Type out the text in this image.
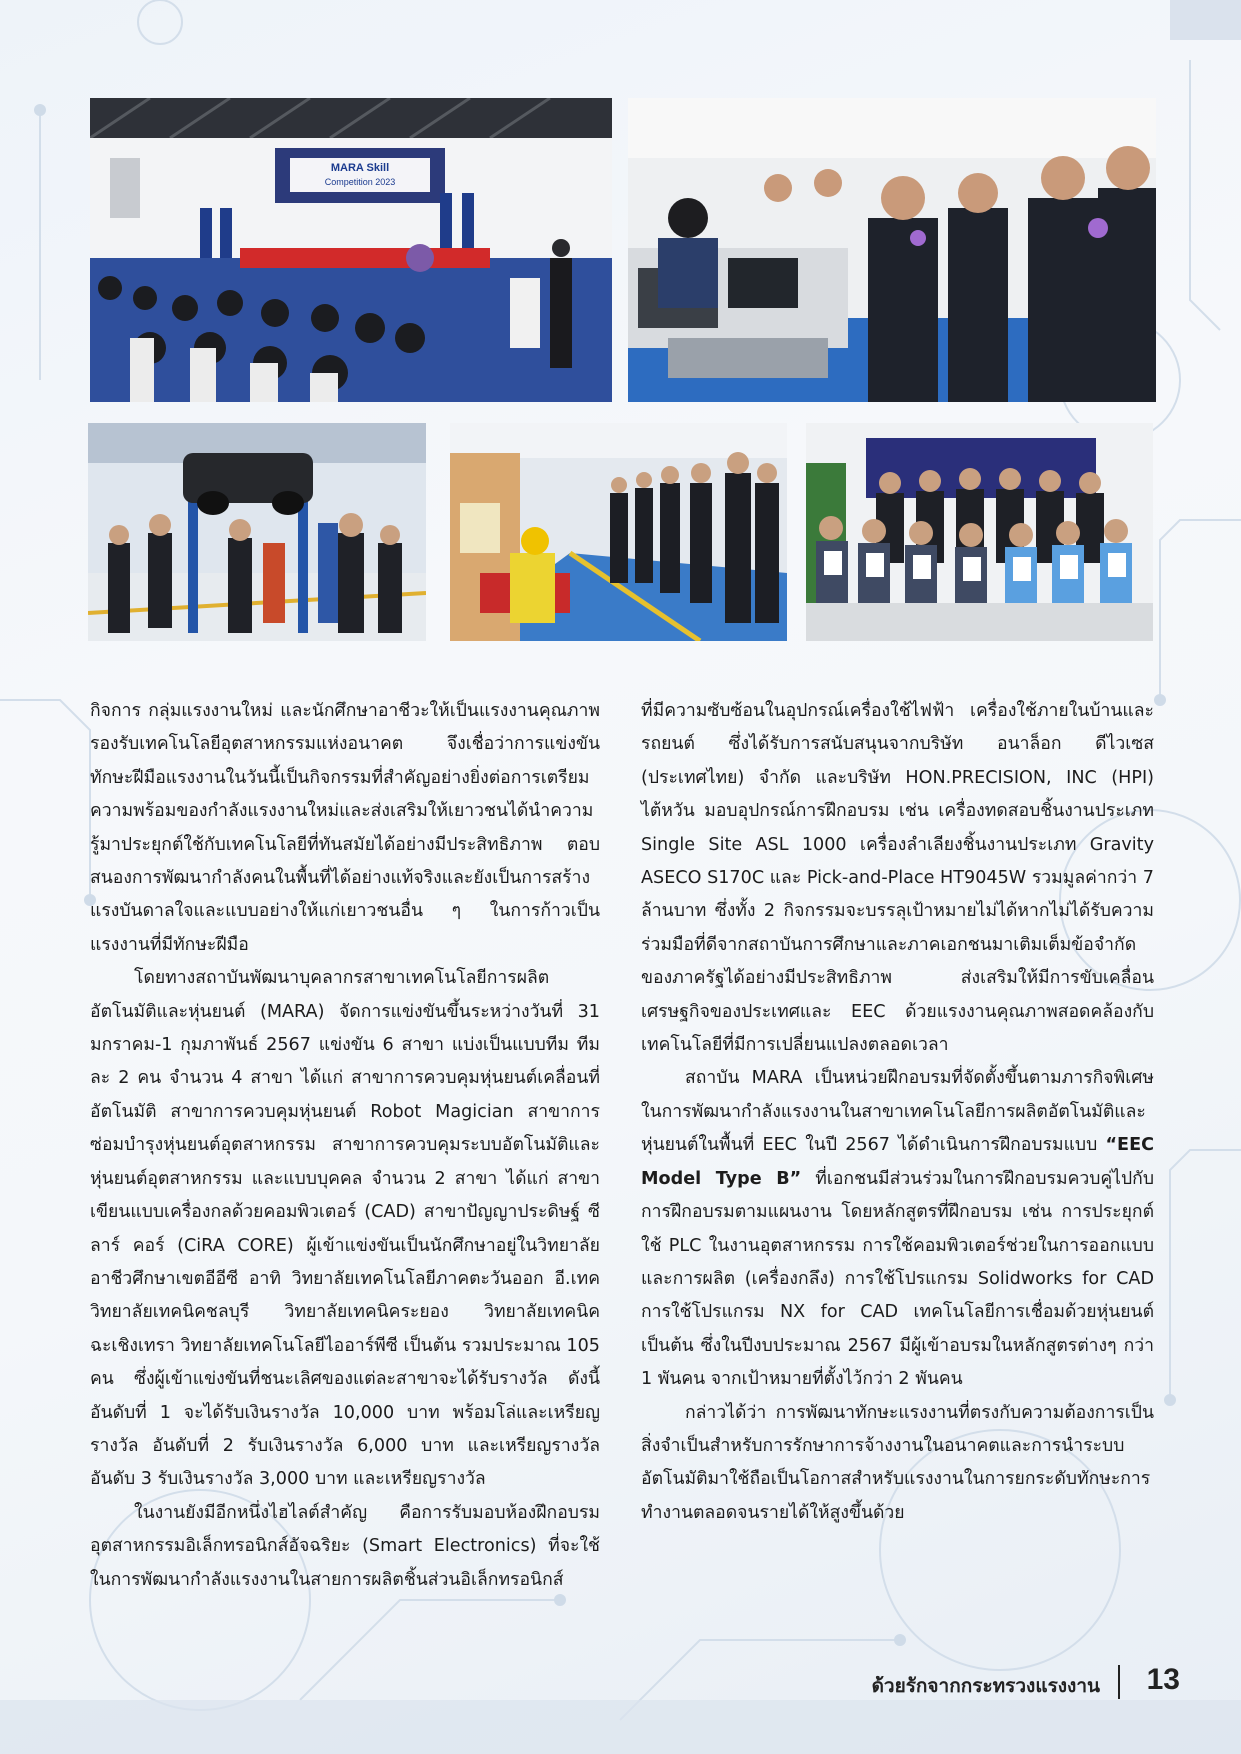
MARA Skill
Competition 2023

กิจการ กลุ่มแรงงานใหม่ และนักศึกษาอาชีวะให้เป็นแรงงานคุณภาพรองรับเทคโนโลยีอุตสาหกรรมแห่งอนาคต จึงเชื่อว่าการแข่งขันทักษะฝีมือแรงงานในวันนี้เป็นกิจกรรมที่สำคัญอย่างยิ่งต่อการเตรียมความพร้อมของกำลังแรงงานใหม่และส่งเสริมให้เยาวชนได้นำความรู้มาประยุกต์ใช้กับเทคโนโลยีที่ทันสมัยได้อย่างมีประสิทธิภาพ ตอบสนองการพัฒนากำลังคนในพื้นที่ได้อย่างแท้จริงและยังเป็นการสร้างแรงบันดาลใจและแบบอย่างให้แก่เยาวชนอื่น ๆ ในการก้าวเป็นแรงงานที่มีทักษะฝีมือ

โดยทางสถาบันพัฒนาบุคลากรสาขาเทคโนโลยีการผลิตอัตโนมัติและหุ่นยนต์ (MARA) จัดการแข่งขันขึ้นระหว่างวันที่ 31 มกราคม-1 กุมภาพันธ์ 2567 แข่งขัน 6 สาขา แบ่งเป็นแบบทีม ทีมละ 2 คน จำนวน 4 สาขา ได้แก่ สาขาการควบคุมหุ่นยนต์เคลื่อนที่อัตโนมัติ สาขาการควบคุมหุ่นยนต์ Robot Magician สาขาการซ่อมบำรุงหุ่นยนต์อุตสาหกรรม สาขาการควบคุมระบบอัตโนมัติและหุ่นยนต์อุตสาหกรรม และแบบบุคคล จำนวน 2 สาขา ได้แก่ สาขาเขียนแบบเครื่องกลด้วยคอมพิวเตอร์ (CAD) สาขาปัญญาประดิษฐ์ ซีลาร์ คอร์ (CiRA CORE) ผู้เข้าแข่งขันเป็นนักศึกษาอยู่ในวิทยาลัยอาชีวศึกษาเขตอีอีซี อาทิ วิทยาลัยเทคโนโลยีภาคตะวันออก อี.เทค วิทยาลัยเทคนิคชลบุรี วิทยาลัยเทคนิคระยอง วิทยาลัยเทคนิคฉะเชิงเทรา วิทยาลัยเทคโนโลยีไออาร์พีซี เป็นต้น รวมประมาณ 105 คน ซึ่งผู้เข้าแข่งขันที่ชนะเลิศของแต่ละสาขาจะได้รับรางวัล ดังนี้ อันดับที่ 1 จะได้รับเงินรางวัล 10,000 บาท พร้อมโล่และเหรียญรางวัล อันดับที่ 2 รับเงินรางวัล 6,000 บาท และเหรียญรางวัล อันดับ 3 รับเงินรางวัล 3,000 บาท และเหรียญรางวัล

ในงานยังมีอีกหนึ่งไฮไลต์สำคัญ คือการรับมอบห้องฝึกอบรมอุตสาหกรรมอิเล็กทรอนิกส์อัจฉริยะ (Smart Electronics) ที่จะใช้ในการพัฒนากำลังแรงงานในสายการผลิตชิ้นส่วนอิเล็กทรอนิกส์

ที่มีความซับซ้อนในอุปกรณ์เครื่องใช้ไฟฟ้า เครื่องใช้ภายในบ้านและรถยนต์ ซึ่งได้รับการสนับสนุนจากบริษัท อนาล็อก ดีไวเซส (ประเทศไทย) จำกัด และบริษัท HON.PRECISION, INC (HPI) ไต้หวัน มอบอุปกรณ์การฝึกอบรม เช่น เครื่องทดสอบชิ้นงานประเภท Single Site ASL 1000 เครื่องลำเลียงชิ้นงานประเภท Gravity ASECO S170C และ Pick-and-Place HT9045W รวมมูลค่ากว่า 7 ล้านบาท ซึ่งทั้ง 2 กิจกรรมจะบรรลุเป้าหมายไม่ได้หากไม่ได้รับความร่วมมือที่ดีจากสถาบันการศึกษาและภาคเอกชนมาเติมเต็มข้อจำกัดของภาครัฐได้อย่างมีประสิทธิภาพ ส่งเสริมให้มีการขับเคลื่อนเศรษฐกิจของประเทศและ EEC ด้วยแรงงานคุณภาพสอดคล้องกับเทคโนโลยีที่มีการเปลี่ยนแปลงตลอดเวลา

สถาบัน MARA เป็นหน่วยฝึกอบรมที่จัดตั้งขึ้นตามภารกิจพิเศษในการพัฒนากำลังแรงงานในสาขาเทคโนโลยีการผลิตอัตโนมัติและหุ่นยนต์ในพื้นที่ EEC ในปี 2567 ได้ดำเนินการฝึกอบรมแบบ “EEC Model Type B” ที่เอกชนมีส่วนร่วมในการฝึกอบรมควบคู่ไปกับการฝึกอบรมตามแผนงาน โดยหลักสูตรที่ฝึกอบรม เช่น การประยุกต์ใช้ PLC ในงานอุตสาหกรรม การใช้คอมพิวเตอร์ช่วยในการออกแบบและการผลิต (เครื่องกลึง) การใช้โปรแกรม Solidworks for CAD การใช้โปรแกรม NX for CAD เทคโนโลยีการเชื่อมด้วยหุ่นยนต์ เป็นต้น ซึ่งในปีงบประมาณ 2567 มีผู้เข้าอบรมในหลักสูตรต่างๆ กว่า 1 พันคน จากเป้าหมายที่ตั้งไว้กว่า 2 พันคน

กล่าวได้ว่า การพัฒนาทักษะแรงงานที่ตรงกับความต้องการเป็นสิ่งจำเป็นสำหรับการรักษาการจ้างงานในอนาคตและการนำระบบอัตโนมัติมาใช้ถือเป็นโอกาสสำหรับแรงงานในการยกระดับทักษะการทำงานตลอดจนรายได้ให้สูงขึ้นด้วย

ด้วยรักจากกระทรวงแรงงาน 13
